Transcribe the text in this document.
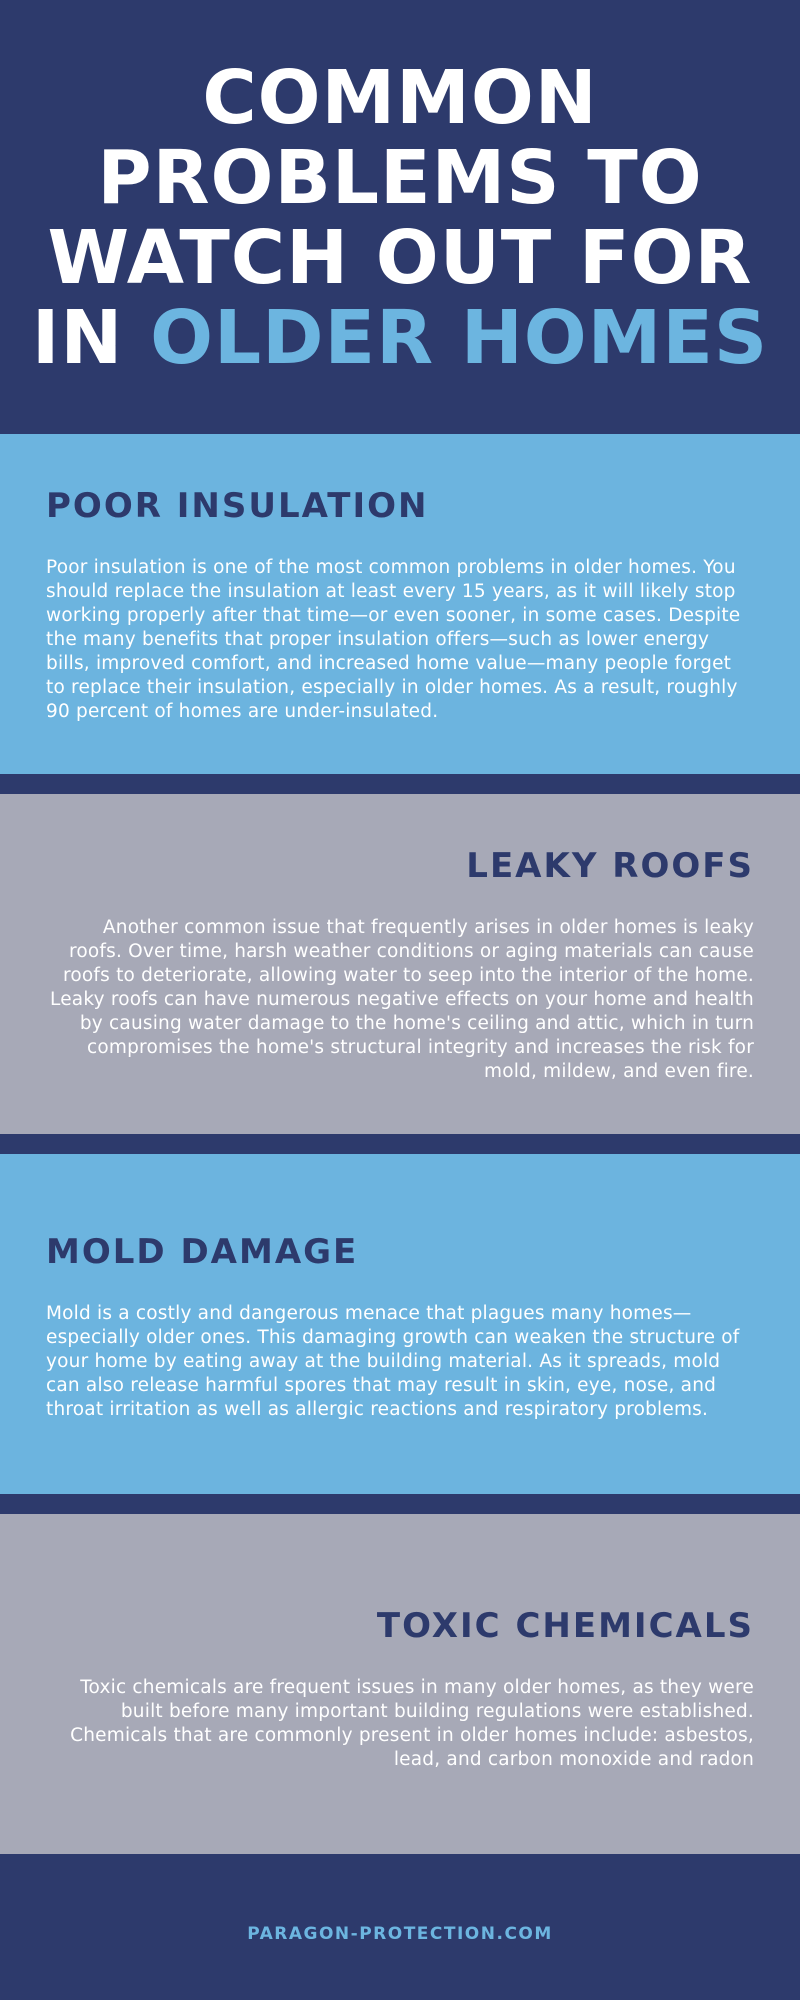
COMMON
PROBLEMS TO
WATCH OUT FOR
IN OLDER HOMES
POOR INSULATION

Poor insulation is one of the most common problems in older homes. You should replace the insulation at least every 15 years, as it will likely stop working properly after that time—or even sooner, in some cases. Despite the many benefits that proper insulation offers—such as lower energy bills, improved comfort, and increased home value—many people forget to replace their insulation, especially in older homes. As a result, roughly 90 percent of homes are under-insulated.

LEAKY ROOFS

Another common issue that frequently arises in older homes is leaky roofs. Over time, harsh weather conditions or aging materials can cause roofs to deteriorate, allowing water to seep into the interior of the home. Leaky roofs can have numerous negative effects on your home and health by causing water damage to the home's ceiling and attic, which in turn compromises the home's structural integrity and increases the risk for mold, mildew, and even fire.

MOLD DAMAGE

Mold is a costly and dangerous menace that plagues many homes—especially older ones. This damaging growth can weaken the structure of your home by eating away at the building material. As it spreads, mold can also release harmful spores that may result in skin, eye, nose, and throat irritation as well as allergic reactions and respiratory problems.

TOXIC CHEMICALS

Toxic chemicals are frequent issues in many older homes, as they were built before many important building regulations were established. Chemicals that are commonly present in older homes include: asbestos, lead, and carbon monoxide and radon

PARAGON-PROTECTION.COM
